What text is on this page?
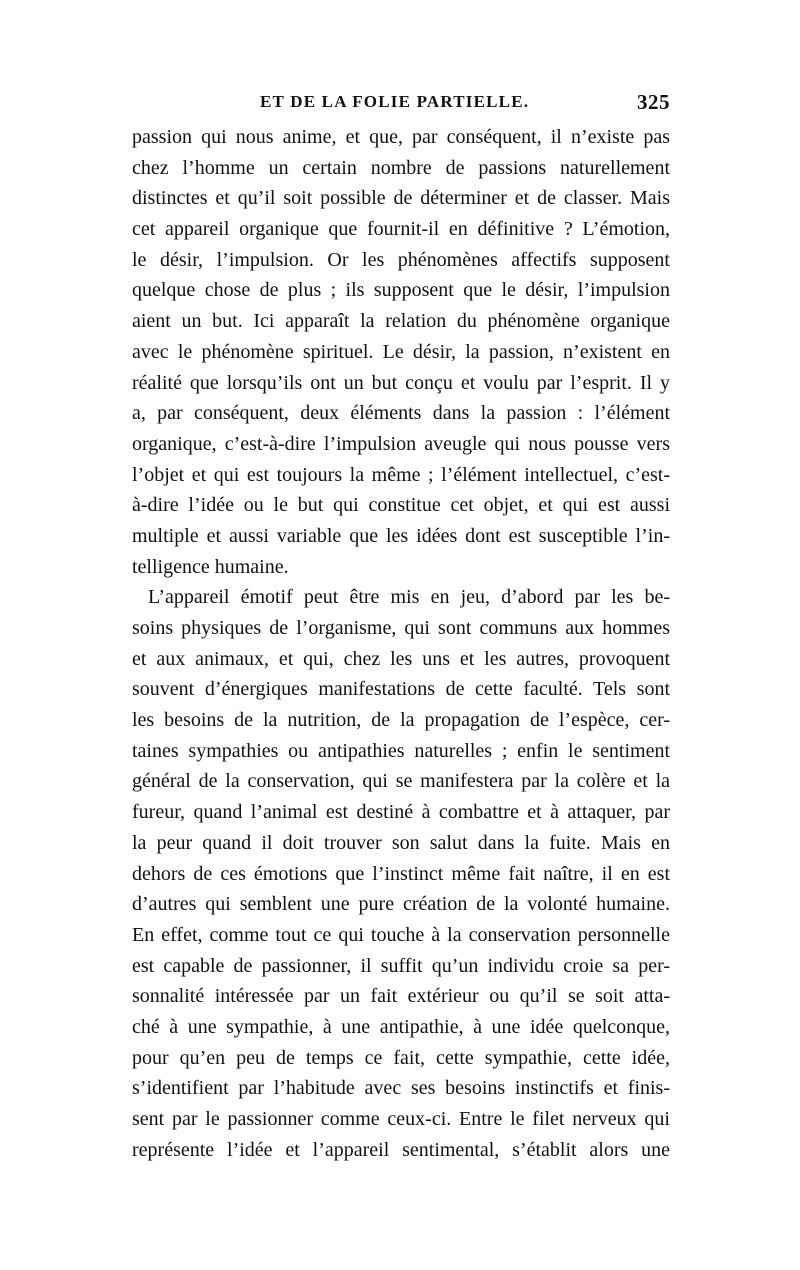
ET DE LA FOLIE PARTIELLE.	325
passion qui nous anime, et que, par conséquent, il n’existe pas
chez l’homme un certain nombre de passions naturellement
distinctes et qu’il soit possible de déterminer et de classer. Mais
cet appareil organique que fournit-il en définitive ? L’émotion,
le désir, l’impulsion. Or les phénomènes affectifs supposent
quelque chose de plus ; ils supposent que le désir, l’impulsion
aient un but. Ici apparaît la relation du phénomène organique
avec le phénomène spirituel. Le désir, la passion, n’existent en
réalité que lorsqu’ils ont un but conçu et voulu par l’esprit. Il y
a, par conséquent, deux éléments dans la passion : l’élément
organique, c’est-à-dire l’impulsion aveugle qui nous pousse vers
l’objet et qui est toujours la même ; l’élément intellectuel, c’est-
à-dire l’idée ou le but qui constitue cet objet, et qui est aussi
multiple et aussi variable que les idées dont est susceptible l’in-
telligence humaine.
L’appareil émotif peut être mis en jeu, d’abord par les be-
soins physiques de l’organisme, qui sont communs aux hommes
et aux animaux, et qui, chez les uns et les autres, provoquent
souvent d’énergiques manifestations de cette faculté. Tels sont
les besoins de la nutrition, de la propagation de l’espèce, cer-
taines sympathies ou antipathies naturelles ; enfin le sentiment
général de la conservation, qui se manifestera par la colère et la
fureur, quand l’animal est destiné à combattre et à attaquer, par
la peur quand il doit trouver son salut dans la fuite. Mais en
dehors de ces émotions que l’instinct même fait naître, il en est
d’autres qui semblent une pure création de la volonté humaine.
En effet, comme tout ce qui touche à la conservation personnelle
est capable de passionner, il suffit qu’un individu croie sa per-
sonnalité intéressée par un fait extérieur ou qu’il se soit atta-
ché à une sympathie, à une antipathie, à une idée quelconque,
pour qu’en peu de temps ce fait, cette sympathie, cette idée,
s’identifient par l’habitude avec ses besoins instinctifs et finis-
sent par le passionner comme ceux-ci. Entre le filet nerveux qui
représente l’idée et l’appareil sentimental, s’établit alors une
